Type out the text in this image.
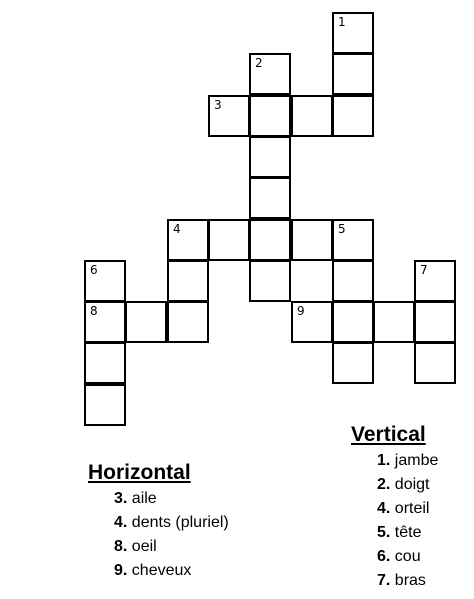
1
2
3
4	5
6	7
8	9
Horizontal
3. aile
4. dents (pluriel)
8. oeil
9. cheveux
Vertical
1. jambe
2. doigt
4. orteil
5. tête
6. cou
7. bras
